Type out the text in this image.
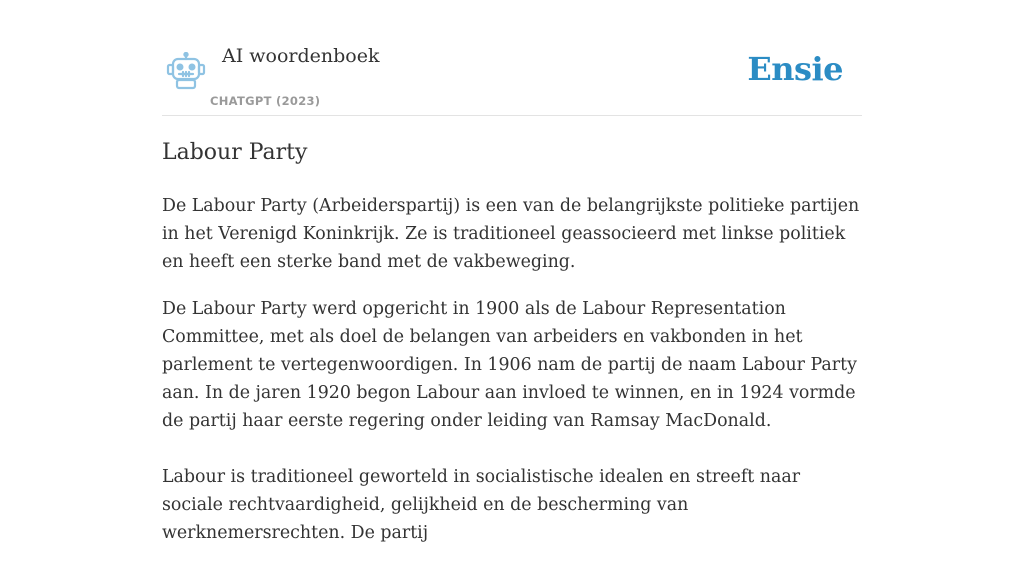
AI woordenboek
CHATGPT (2023)
Ensie
Labour Party

De Labour Party (Arbeiderspartij) is een van de belangrijkste politieke partijen in het Verenigd Koninkrijk. Ze is traditioneel geassocieerd met linkse politiek en heeft een sterke band met de vakbeweging.

De Labour Party werd opgericht in 1900 als de Labour Representation Committee, met als doel de belangen van arbeiders en vakbonden in het parlement te vertegenwoordigen. In 1906 nam de partij de naam Labour Party aan. In de jaren 1920 begon Labour aan invloed te winnen, en in 1924 vormde de partij haar eerste regering onder leiding van Ramsay MacDonald.

Labour is traditioneel geworteld in socialistische idealen en streeft naar sociale rechtvaardigheid, gelijkheid en de bescherming van werknemersrechten. De partij
